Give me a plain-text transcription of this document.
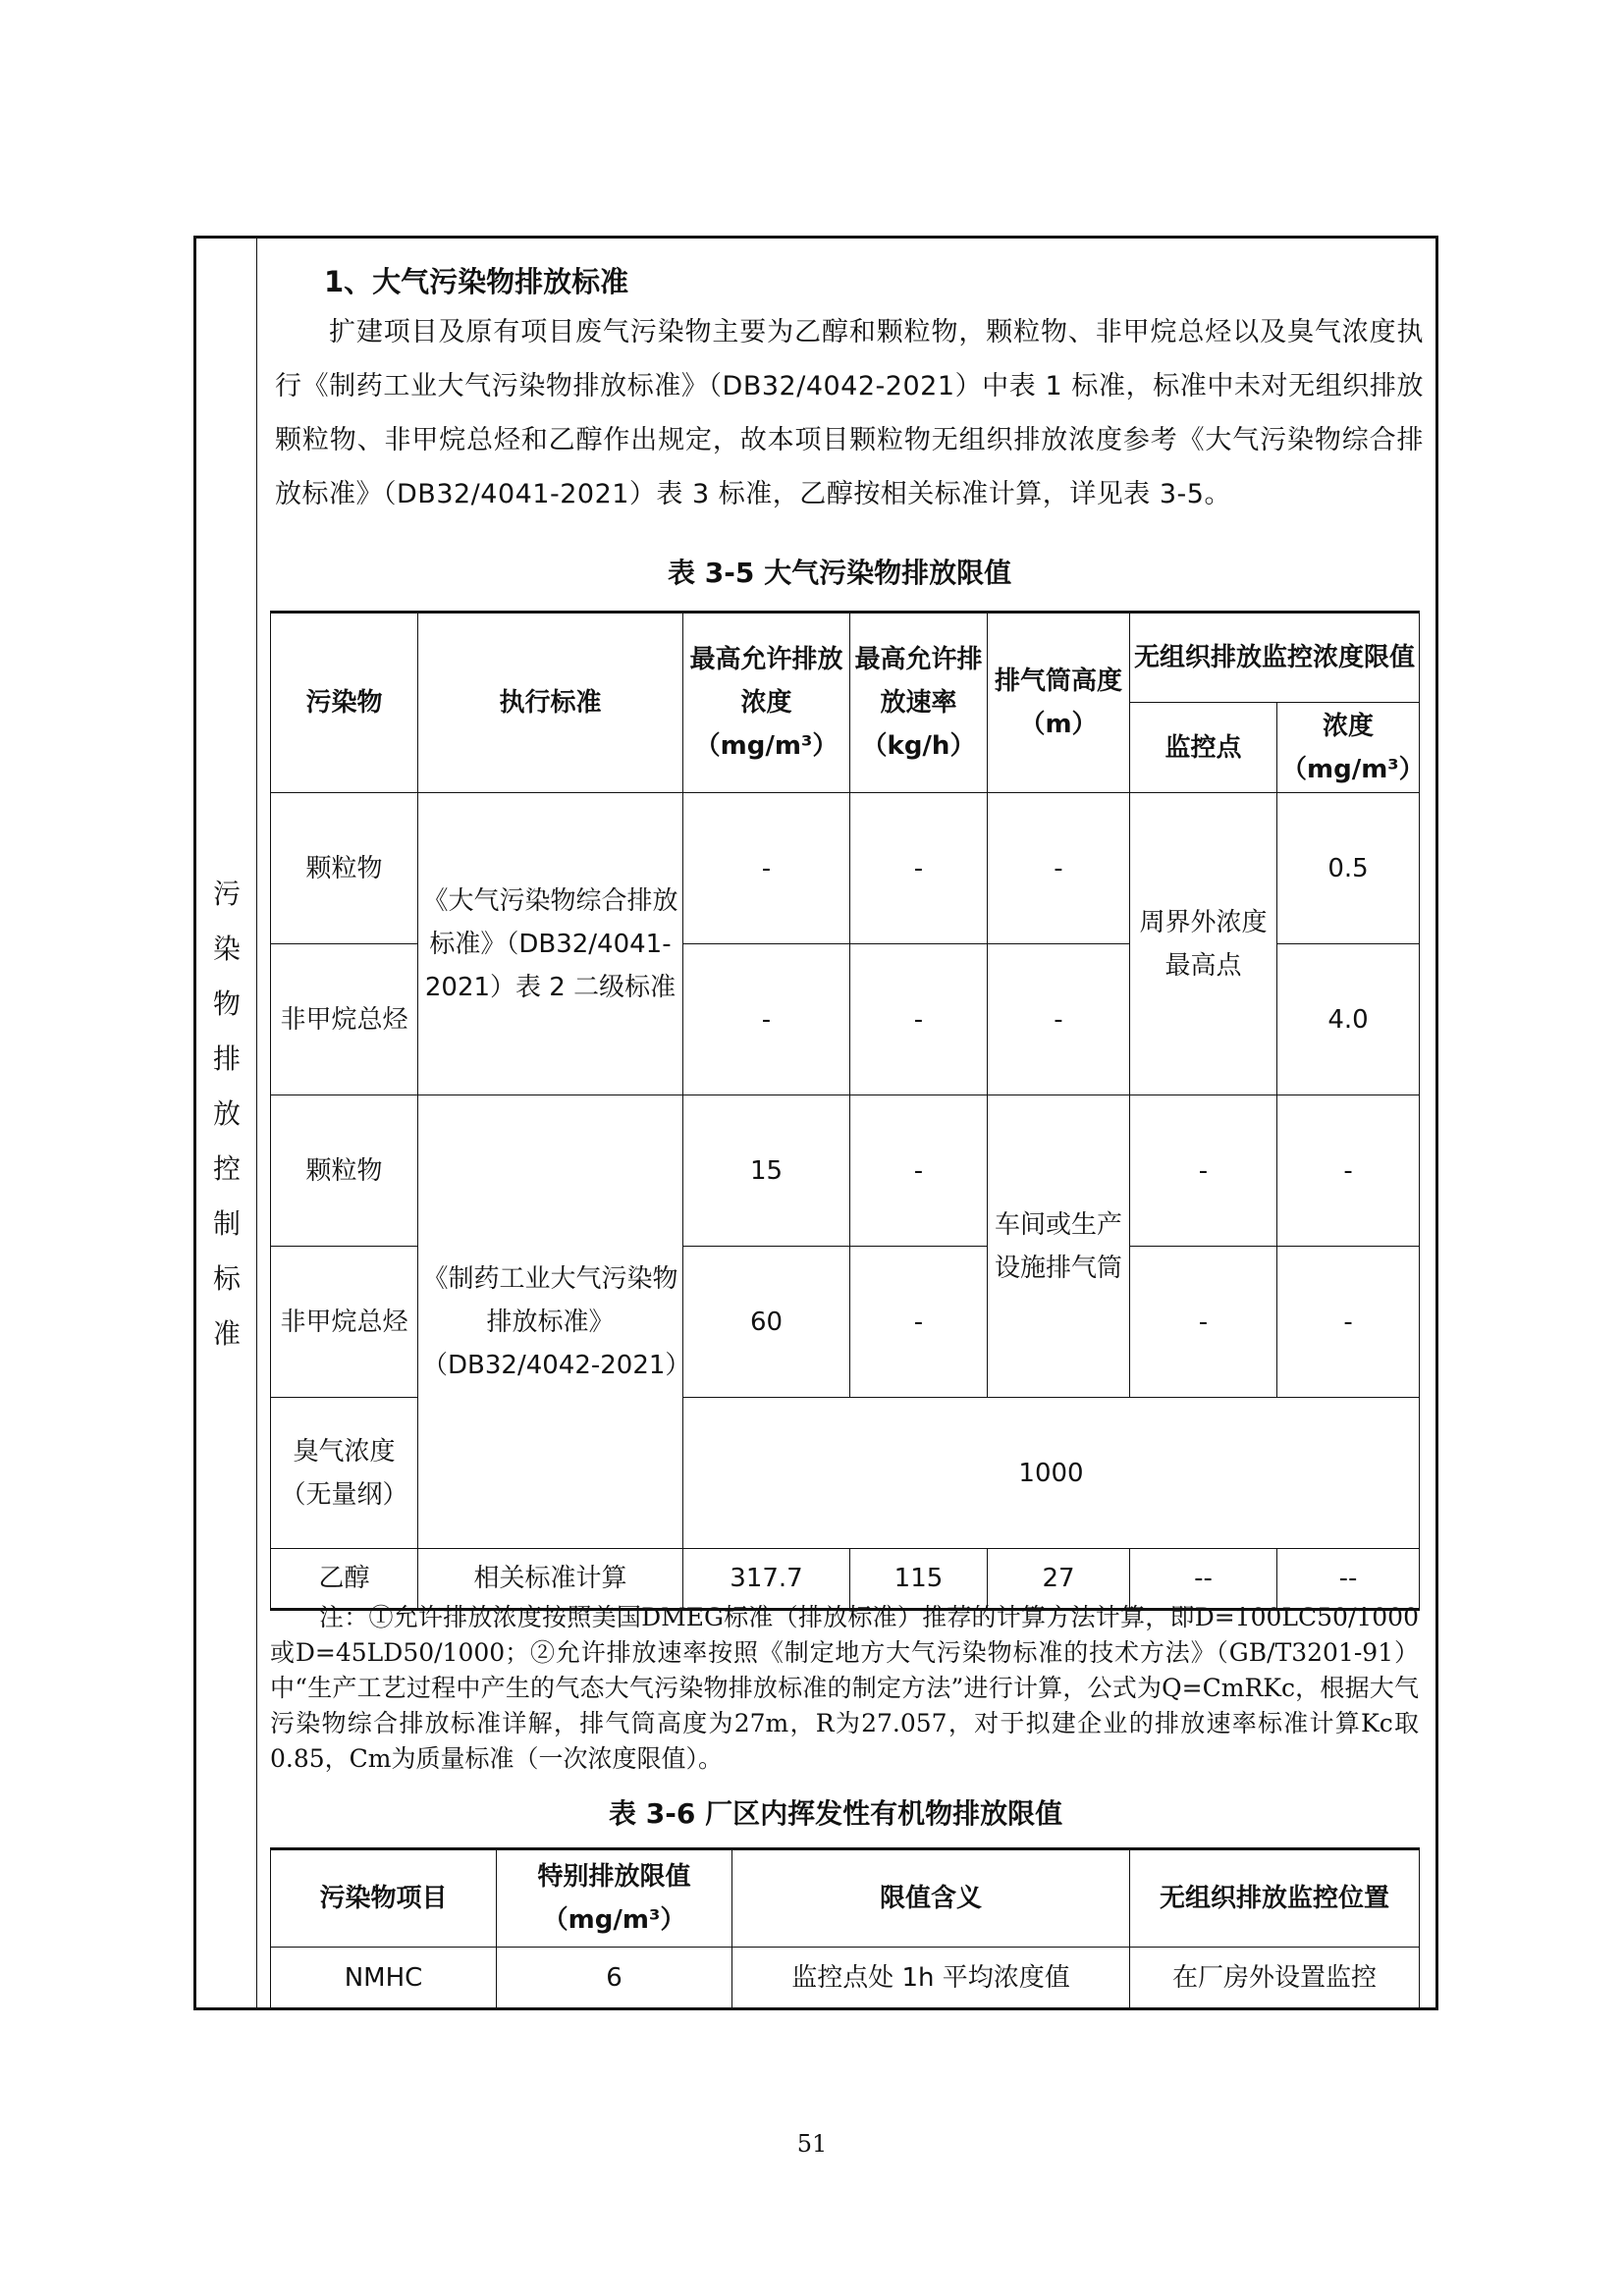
污
染
物
排
放
控
制
标
准
1、大气污染物排放标准
扩建项目及原有项目废气污染物主要为乙醇和颗粒物，颗粒物、非甲烷总烃以及臭气浓度执行《制药工业大气污染物排放标准》（DB32/4042-2021）中表 1 标准，标准中未对无组织排放颗粒物、非甲烷总烃和乙醇作出规定，故本项目颗粒物无组织排放浓度参考《大气污染物综合排放标准》（DB32/4041-2021）表 3 标准，乙醇按相关标准计算，详见表 3-5。
表 3-5 大气污染物排放限值
污染物	执行标准	最高允许排放浓度（mg/m³）	最高允许排放速率（kg/h）	排气筒高度（m）	无组织排放监控浓度限值	
					监控点	浓度（mg/m³）
颗粒物	《大气污染物综合排放标准》（DB32/4041-2021）表 2 二级标准	-	-	-	周界外浓度最高点	0.5
非甲烷总烃		-	-	-		4.0
颗粒物	《制药工业大气污染物排放标准》（DB32/4042-2021）	15	-	车间或生产设施排气筒	-	-
非甲烷总烃		60	-		-	-
臭气浓度（无量纲）		1000				
乙醇	相关标准计算	317.7	115	27	--	--
注：①允许排放浓度按照美国DMEG标准（排放标准）推荐的计算方法计算，即D=100LC50/1000或D=45LD50/1000；②允许排放速率按照《制定地方大气污染物标准的技术方法》（GB/T3201-91）中“生产工艺过程中产生的气态大气污染物排放标准的制定方法”进行计算，公式为Q=CmRKc，根据大气污染物综合排放标准详解，排气筒高度为27m，R为27.057，对于拟建企业的排放速率标准计算Kc取0.85，Cm为质量标准（一次浓度限值）。
表 3-6 厂区内挥发性有机物排放限值
污染物项目	特别排放限值（mg/m³）	限值含义	无组织排放监控位置
NMHC	6	监控点处 1h 平均浓度值	在厂房外设置监控
51
